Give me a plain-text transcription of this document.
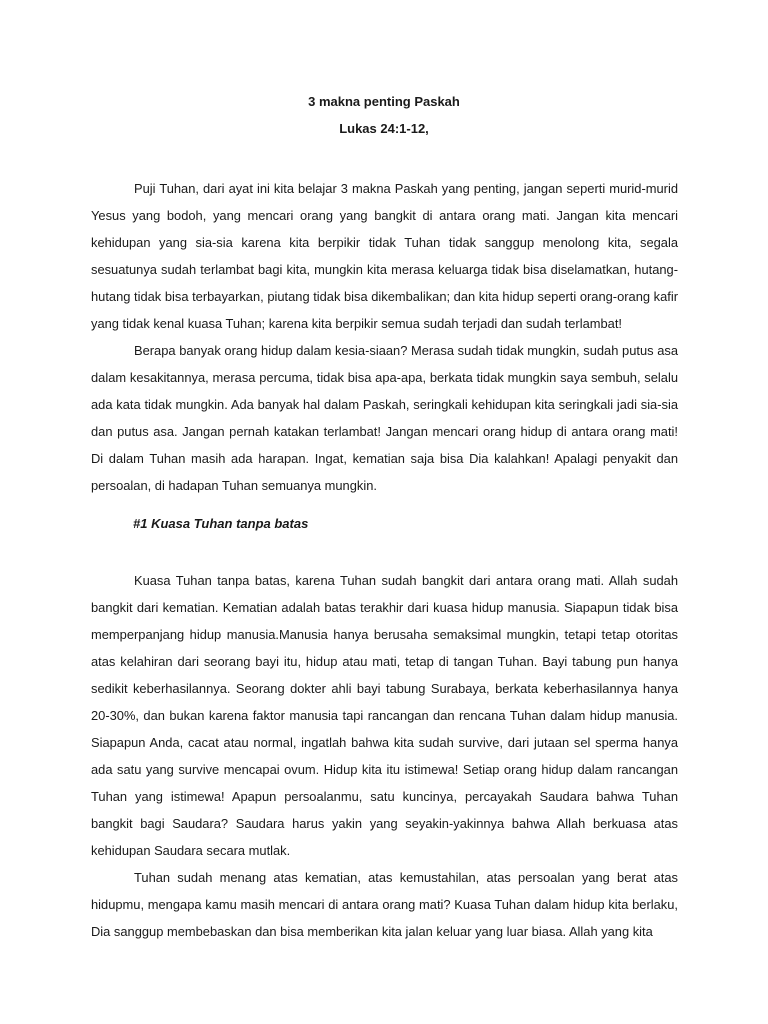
3 makna penting Paskah
Lukas 24:1-12,

Puji Tuhan, dari ayat ini kita belajar 3 makna Paskah yang penting, jangan seperti murid-murid Yesus yang bodoh, yang mencari orang yang bangkit di antara orang mati. Jangan kita mencari kehidupan yang sia-sia karena kita berpikir tidak Tuhan tidak sanggup menolong kita, segala sesuatunya sudah terlambat bagi kita, mungkin kita merasa keluarga tidak bisa diselamatkan, hutang-hutang tidak bisa terbayarkan, piutang tidak bisa dikembalikan; dan kita hidup seperti orang-orang kafir yang tidak kenal kuasa Tuhan; karena kita berpikir semua sudah terjadi dan sudah terlambat!

Berapa banyak orang hidup dalam kesia-siaan? Merasa sudah tidak mungkin, sudah putus asa dalam kesakitannya, merasa percuma, tidak bisa apa-apa, berkata tidak mungkin saya sembuh, selalu ada kata tidak mungkin. Ada banyak hal dalam Paskah, seringkali kehidupan kita seringkali jadi sia-sia dan putus asa. Jangan pernah katakan terlambat! Jangan mencari orang hidup di antara orang mati! Di dalam Tuhan masih ada harapan. Ingat, kematian saja bisa Dia kalahkan! Apalagi penyakit dan persoalan, di hadapan Tuhan semuanya mungkin.

#1 Kuasa Tuhan tanpa batas

Kuasa Tuhan tanpa batas, karena Tuhan sudah bangkit dari antara orang mati. Allah sudah bangkit dari kematian. Kematian adalah batas terakhir dari kuasa hidup manusia. Siapapun tidak bisa memperpanjang hidup manusia.Manusia hanya berusaha semaksimal mungkin, tetapi tetap otoritas atas kelahiran dari seorang bayi itu, hidup atau mati, tetap di tangan Tuhan. Bayi tabung pun hanya sedikit keberhasilannya. Seorang dokter ahli bayi tabung Surabaya, berkata keberhasilannya hanya 20-30%, dan bukan karena faktor manusia tapi rancangan dan rencana Tuhan dalam hidup manusia. Siapapun Anda, cacat atau normal, ingatlah bahwa kita sudah survive, dari jutaan sel sperma hanya ada satu yang survive mencapai ovum. Hidup kita itu istimewa! Setiap orang hidup dalam rancangan Tuhan yang istimewa! Apapun persoalanmu, satu kuncinya, percayakah Saudara bahwa Tuhan bangkit bagi Saudara? Saudara harus yakin yang seyakin-yakinnya bahwa Allah berkuasa atas kehidupan Saudara secara mutlak.

Tuhan sudah menang atas kematian, atas kemustahilan, atas persoalan yang berat atas hidupmu, mengapa kamu masih mencari di antara orang mati? Kuasa Tuhan dalam hidup kita berlaku, Dia sanggup membebaskan dan bisa memberikan kita jalan keluar yang luar biasa. Allah yang kita
